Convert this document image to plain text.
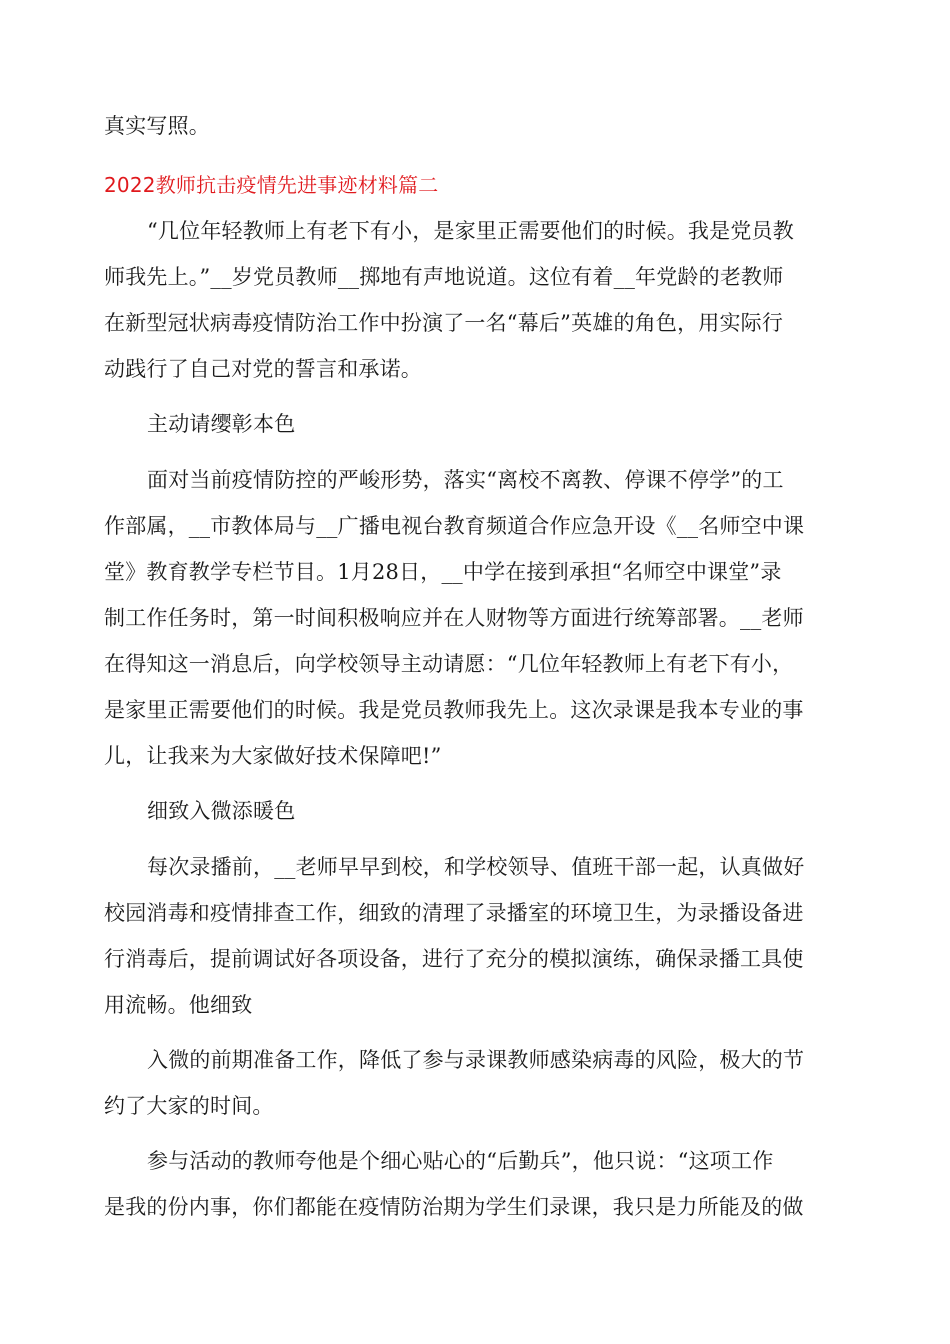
真实写照。
2022教师抗击疫情先进事迹材料篇二
“几位年轻教师上有老下有小，是家里正需要他们的时候。我是党员教
师我先上。”__岁党员教师__掷地有声地说道。这位有着__年党龄的老教师
在新型冠状病毒疫情防治工作中扮演了一名“幕后”英雄的角色，用实际行
动践行了自己对党的誓言和承诺。
主动请缨彰本色
面对当前疫情防控的严峻形势，落实“离校不离教、停课不停学”的工
作部属，__市教体局与__广播电视台教育频道合作应急开设《__名师空中课
堂》教育教学专栏节目。1月28日，__中学在接到承担“名师空中课堂”录
制工作任务时，第一时间积极响应并在人财物等方面进行统筹部署。__老师
在得知这一消息后，向学校领导主动请愿：“几位年轻教师上有老下有小，
是家里正需要他们的时候。我是党员教师我先上。这次录课是我本专业的事
儿，让我来为大家做好技术保障吧!”
细致入微添暖色
每次录播前，__老师早早到校，和学校领导、值班干部一起，认真做好
校园消毒和疫情排查工作，细致的清理了录播室的环境卫生，为录播设备进
行消毒后，提前调试好各项设备，进行了充分的模拟演练，确保录播工具使
用流畅。他细致
入微的前期准备工作，降低了参与录课教师感染病毒的风险，极大的节
约了大家的时间。
参与活动的教师夸他是个细心贴心的“后勤兵”，他只说：“这项工作
是我的份内事，你们都能在疫情防治期为学生们录课，我只是力所能及的做
